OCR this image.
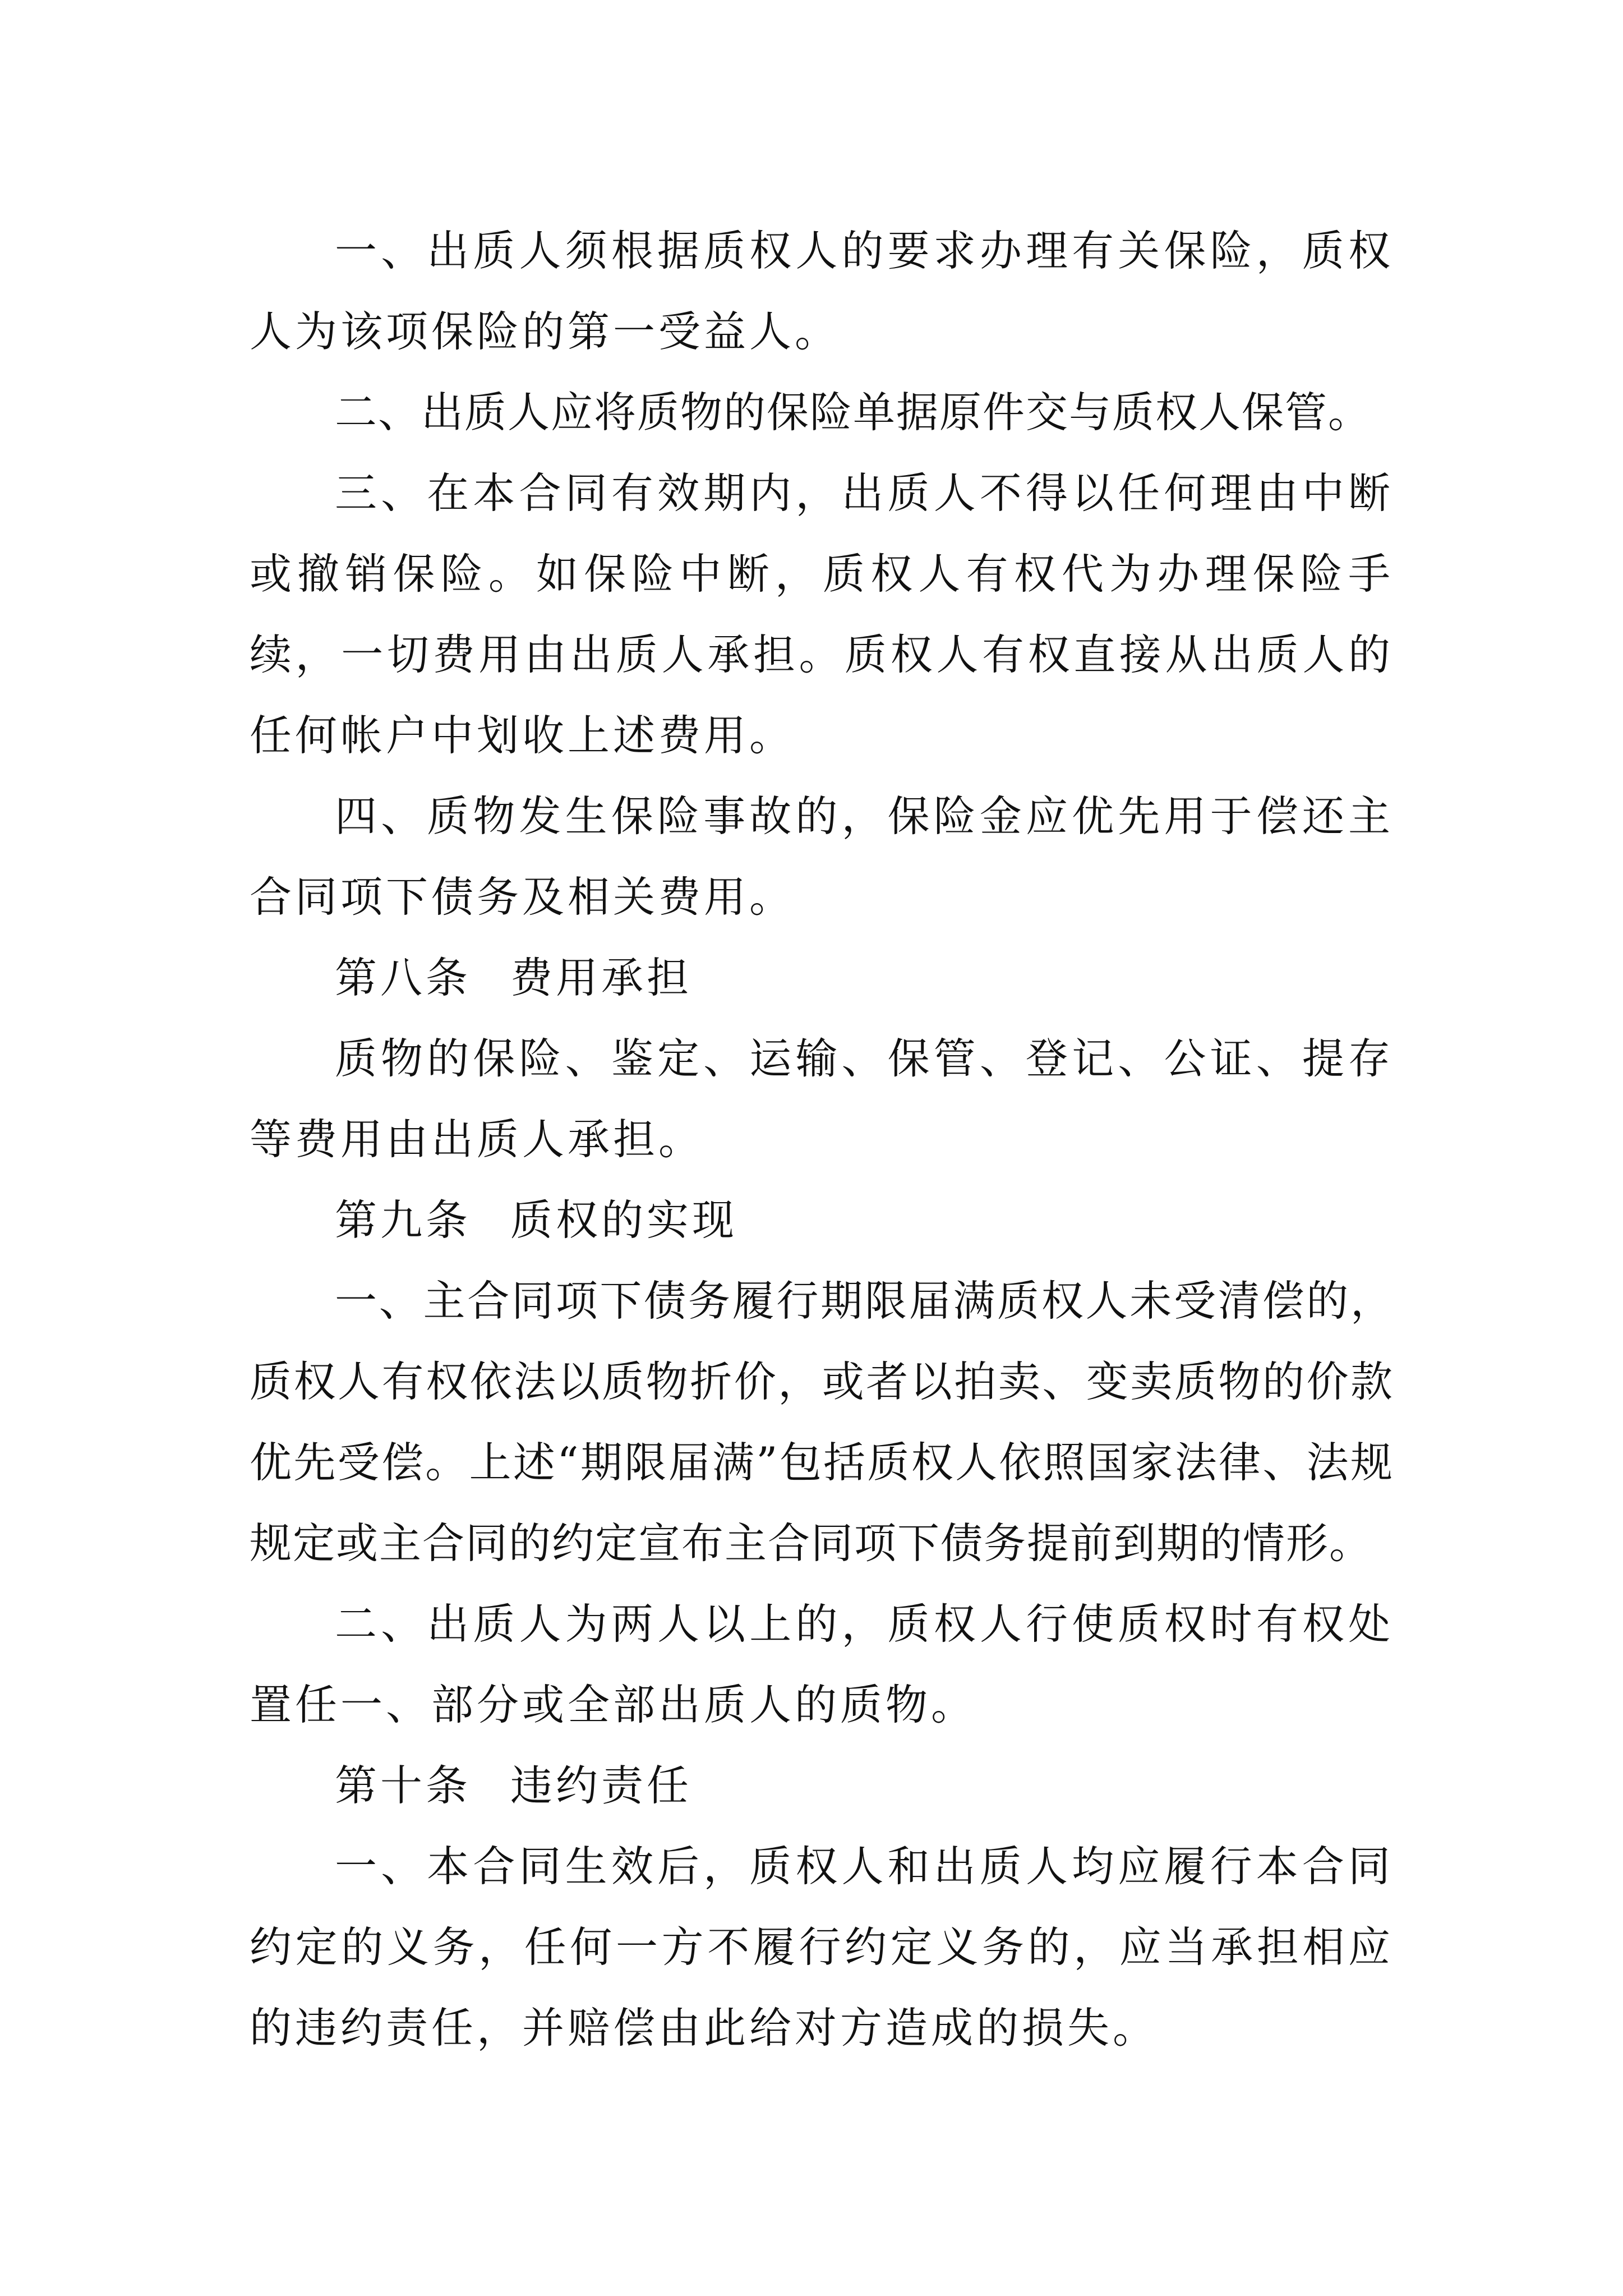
一、出质人须根据质权人的要求办理有关保险，质权人为该项保险的第一受益人。

二、出质人应将质物的保险单据原件交与质权人保管。

三、在本合同有效期内，出质人不得以任何理由中断或撤销保险。如保险中断，质权人有权代为办理保险手续，一切费用由出质人承担。质权人有权直接从出质人的任何帐户中划收上述费用。

四、质物发生保险事故的，保险金应优先用于偿还主合同项下债务及相关费用。

第八条 费用承担

质物的保险、鉴定、运输、保管、登记、公证、提存等费用由出质人承担。

第九条 质权的实现

一、主合同项下债务履行期限届满质权人未受清偿的，质权人有权依法以质物折价，或者以拍卖、变卖质物的价款优先受偿。上述“期限届满”包括质权人依照国家法律、法规规定或主合同的约定宣布主合同项下债务提前到期的情形。

二、出质人为两人以上的，质权人行使质权时有权处置任一、部分或全部出质人的质物。

第十条 违约责任

一、本合同生效后，质权人和出质人均应履行本合同约定的义务，任何一方不履行约定义务的，应当承担相应的违约责任，并赔偿由此给对方造成的损失。
